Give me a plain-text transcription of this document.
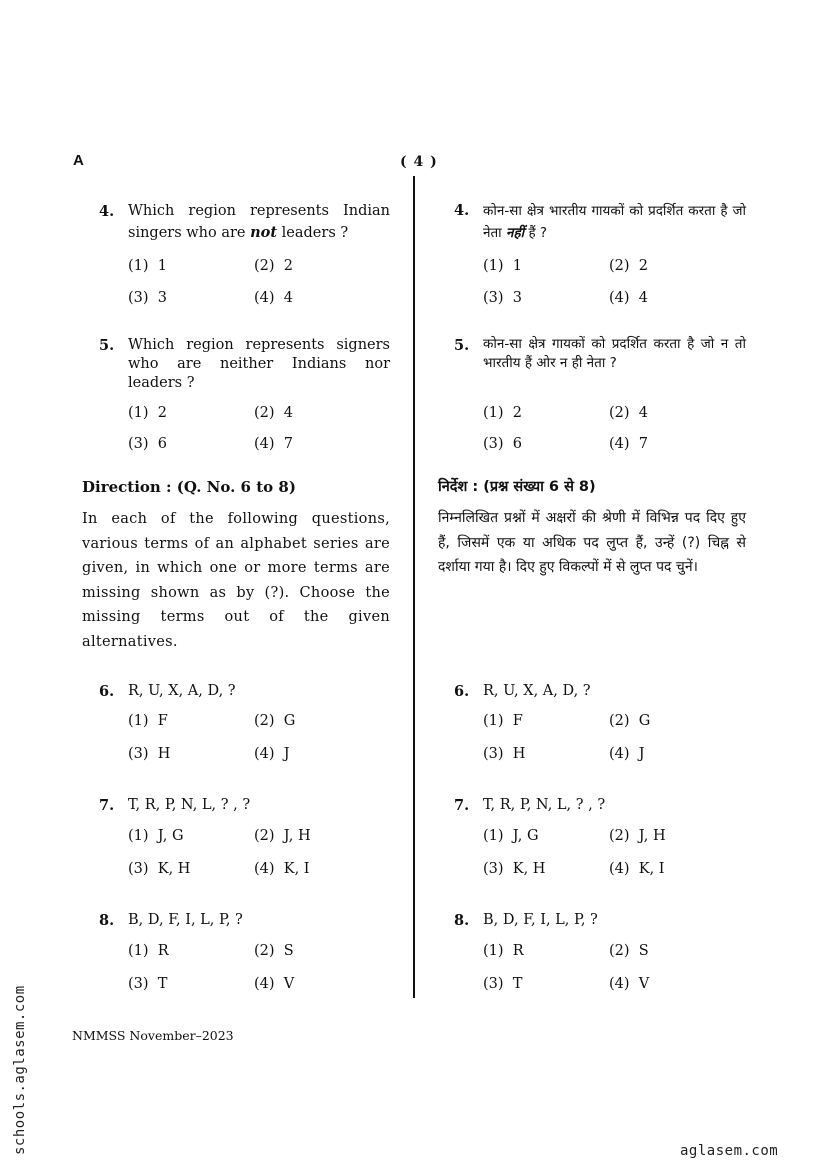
A	( 4 )
4. Which region represents Indian singers who are not leaders ?
(1)  1	(2)  2
(3)  3	(4)  4
5. Which region represents signers who are neither Indians nor leaders ?
(1)  2	(2)  4
(3)  6	(4)  7
Direction : (Q. No. 6 to 8)
In each of the following questions, various terms of an alphabet series are given, in which one or more terms are missing shown as by (?). Choose the missing terms out of the given alternatives.
6. R, U, X, A, D, ?
(1)  F	(2)  G
(3)  H	(4)  J
7. T, R, P, N, L, ? , ?
(1)  J, G	(2)  J, H
(3)  K, H	(4)  K, I
8. B, D, F, I, L, P, ?
(1)  R	(2)  S
(3)  T	(4)  V
4. कोन-सा क्षेत्र भारतीय गायकों को प्रदर्शित करता है जो नेता नहीं हैं ?
(1)  1	(2)  2
(3)  3	(4)  4
5. कोन-सा क्षेत्र गायकों को प्रदर्शित करता है जो न तो भारतीय हैं ओर न ही नेता ?
(1)  2	(2)  4
(3)  6	(4)  7
निर्देश : (प्रश्न संख्या 6 से 8)
निम्नलिखित प्रश्नों में अक्षरों की श्रेणी में विभिन्न पद दिए हुए हैं, जिसमें एक या अधिक पद लुप्त हैं, उन्हें (?) चिह्न से दर्शाया गया है। दिए हुए विकल्पों में से लुप्त पद चुनें।
6. R, U, X, A, D, ?
(1)  F	(2)  G
(3)  H	(4)  J
7. T, R, P, N, L, ? , ?
(1)  J, G	(2)  J, H
(3)  K, H	(4)  K, I
8. B, D, F, I, L, P, ?
(1)  R	(2)  S
(3)  T	(4)  V
NMMSS November–2023
schools.aglasem.com	aglasem.com
